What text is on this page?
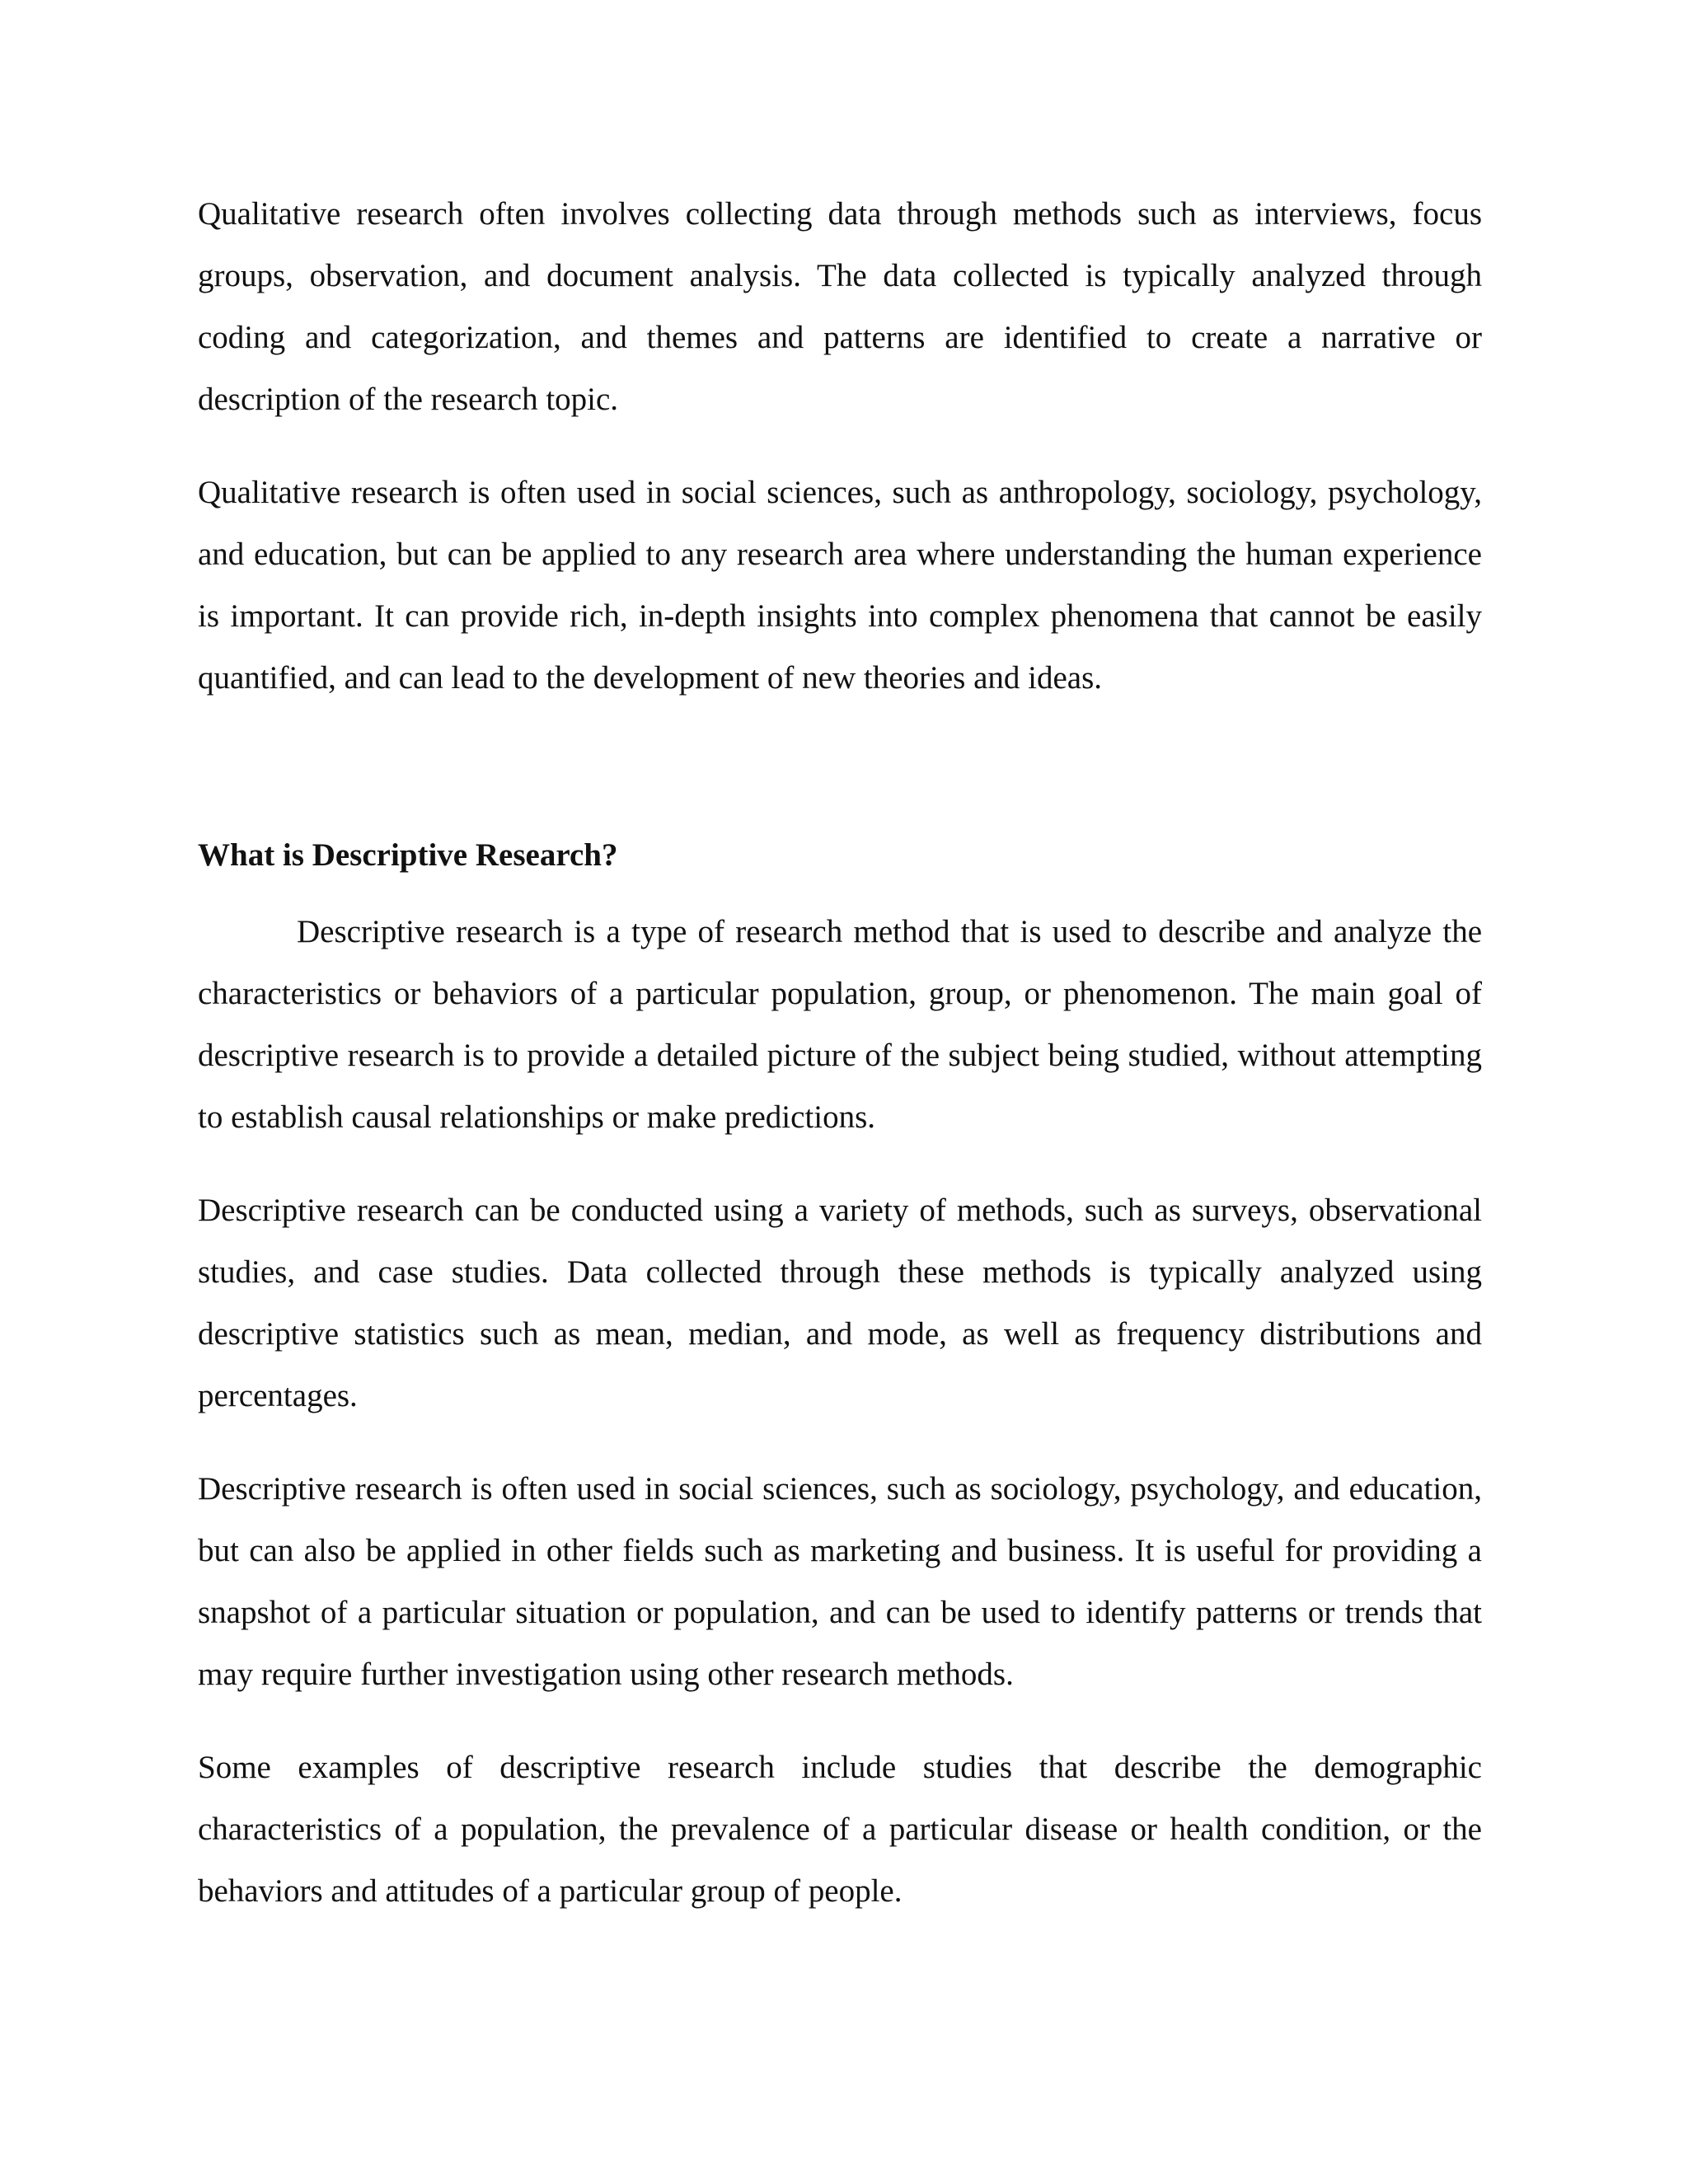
Qualitative research often involves collecting data through methods such as interviews, focus groups, observation, and document analysis. The data collected is typically analyzed through coding and categorization, and themes and patterns are identified to create a narrative or description of the research topic.

Qualitative research is often used in social sciences, such as anthropology, sociology, psychology, and education, but can be applied to any research area where understanding the human experience is important. It can provide rich, in-depth insights into complex phenomena that cannot be easily quantified, and can lead to the development of new theories and ideas.

What is Descriptive Research?

Descriptive research is a type of research method that is used to describe and analyze the characteristics or behaviors of a particular population, group, or phenomenon. The main goal of descriptive research is to provide a detailed picture of the subject being studied, without attempting to establish causal relationships or make predictions.

Descriptive research can be conducted using a variety of methods, such as surveys, observational studies, and case studies. Data collected through these methods is typically analyzed using descriptive statistics such as mean, median, and mode, as well as frequency distributions and percentages.

Descriptive research is often used in social sciences, such as sociology, psychology, and education, but can also be applied in other fields such as marketing and business. It is useful for providing a snapshot of a particular situation or population, and can be used to identify patterns or trends that may require further investigation using other research methods.

Some examples of descriptive research include studies that describe the demographic characteristics of a population, the prevalence of a particular disease or health condition, or the behaviors and attitudes of a particular group of people.
